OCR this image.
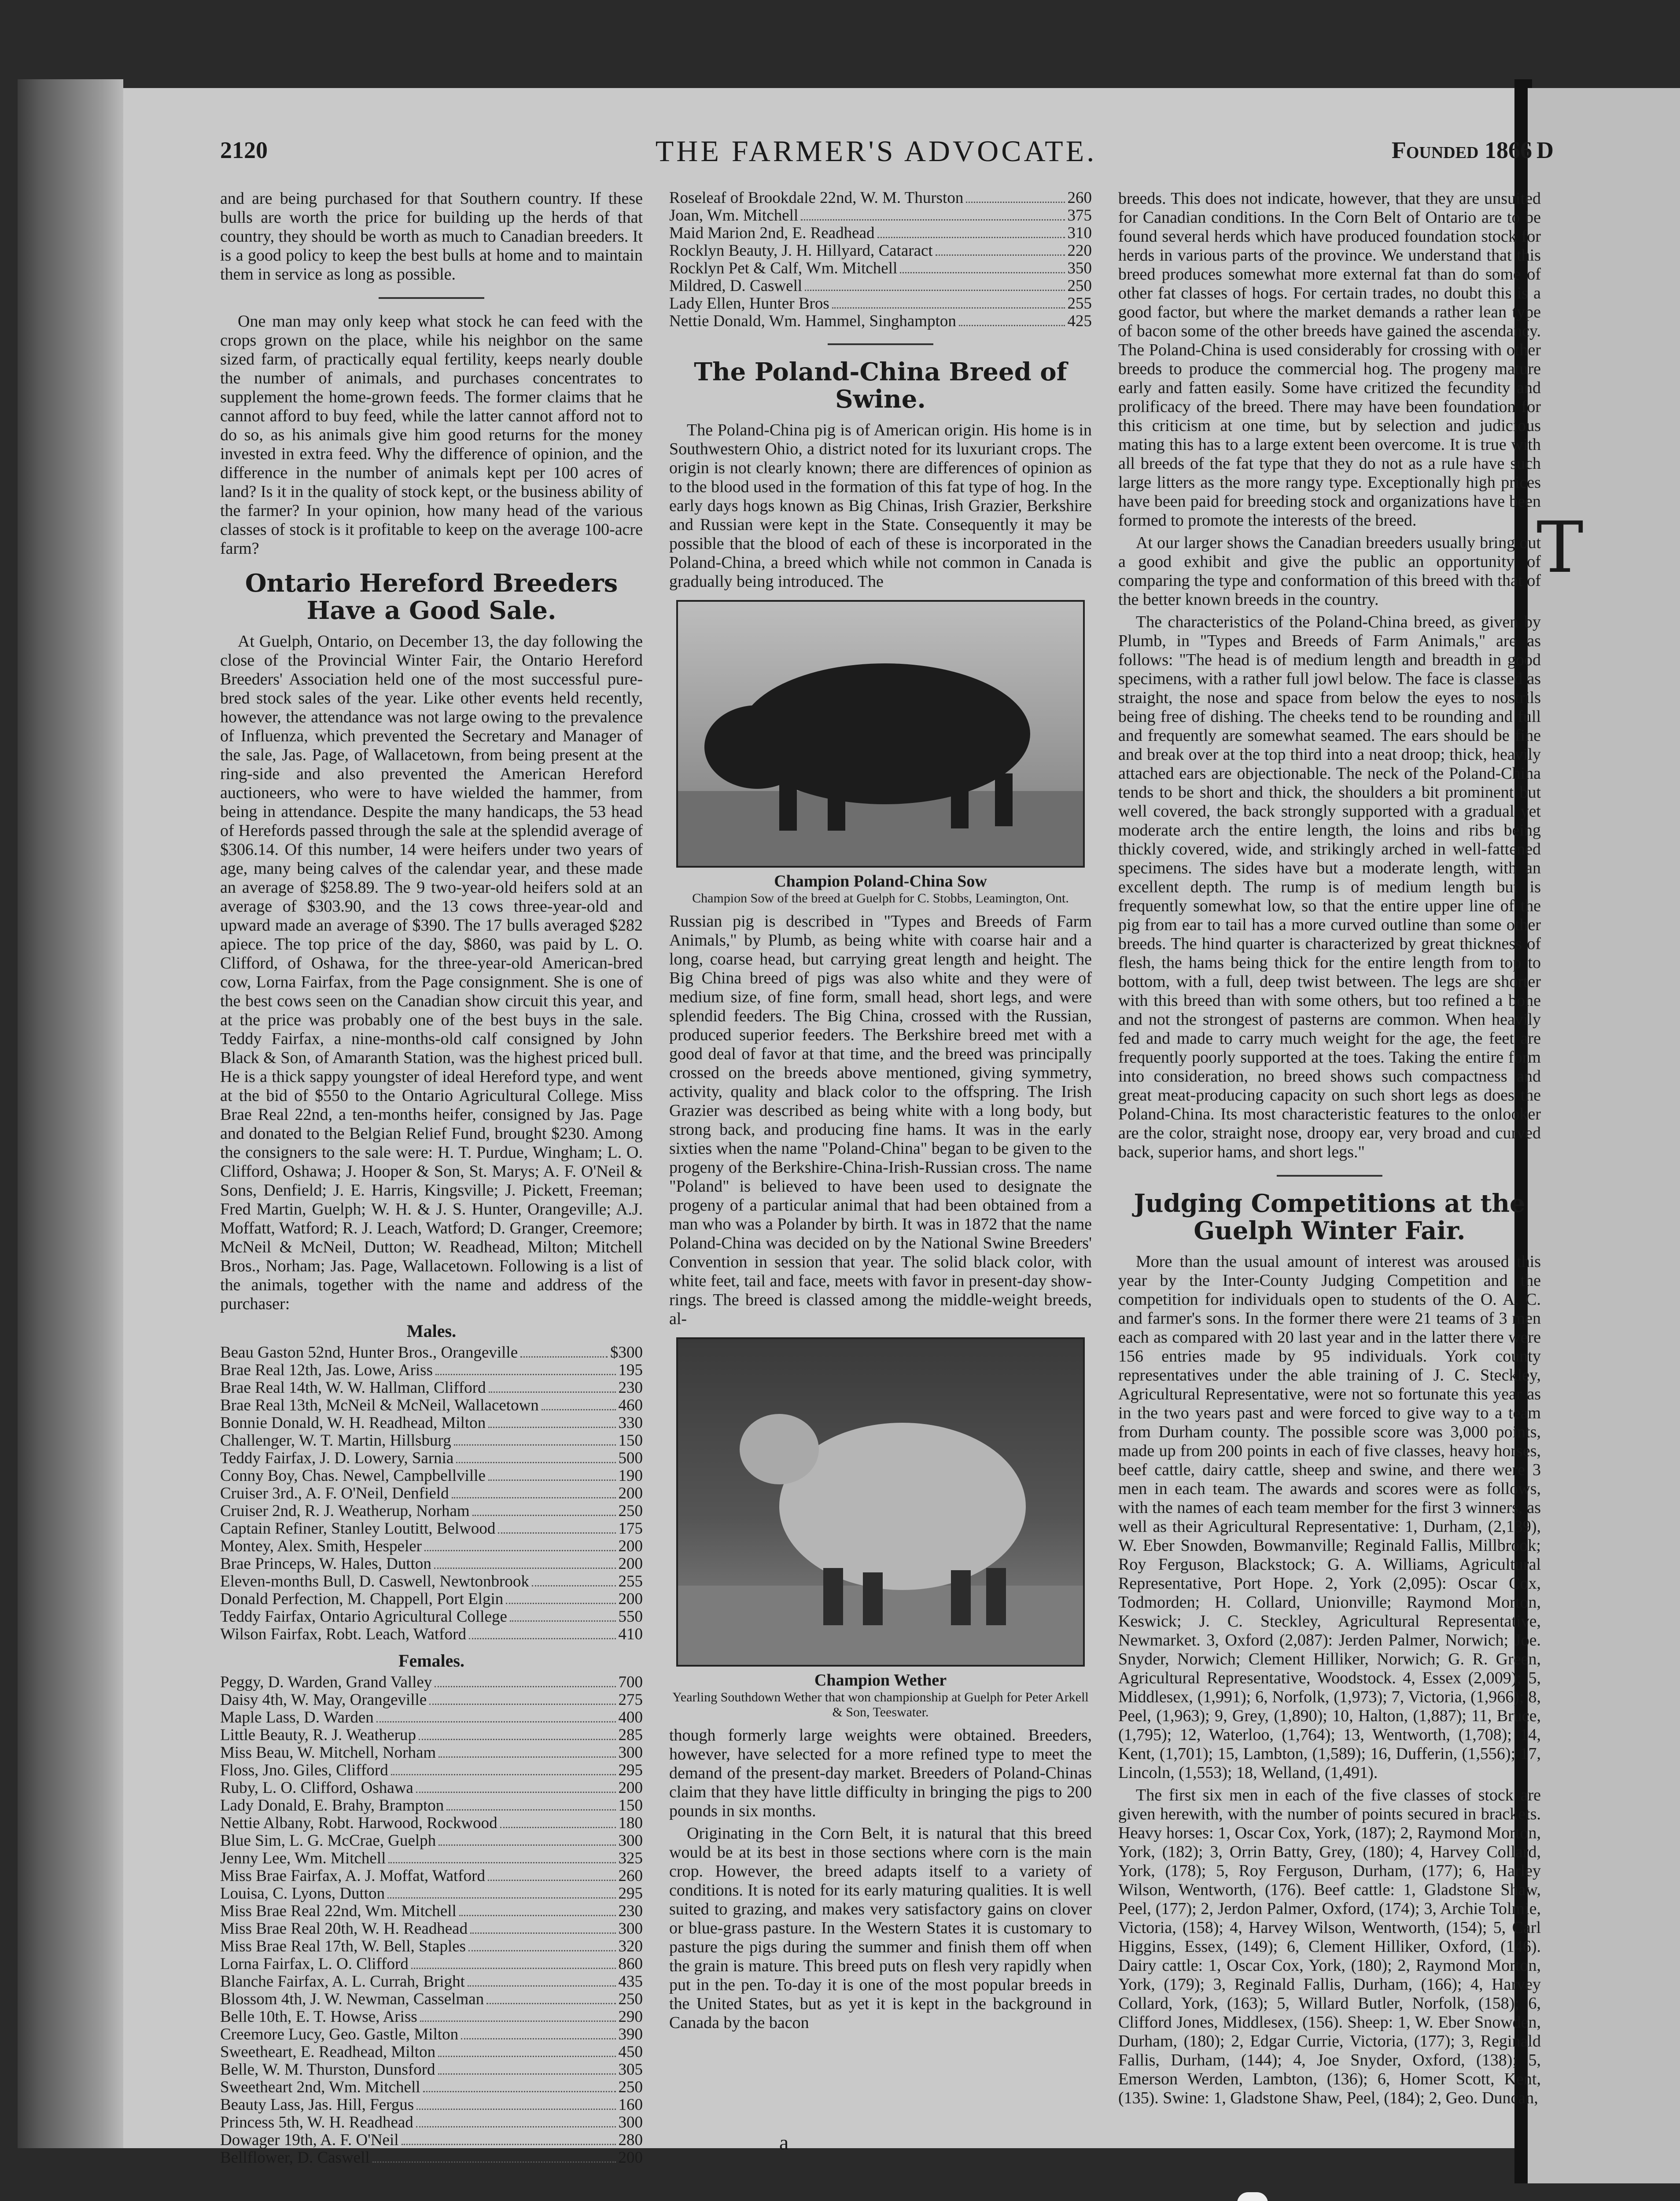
D
T
2120	THE FARMER'S ADVOCATE.	Founded 1866

and are being purchased for that Southern country. If these bulls are worth the price for building up the herds of that country, they should be worth as much to Canadian breeders. It is a good policy to keep the best bulls at home and to maintain them in service as long as possible.

One man may only keep what stock he can feed with the crops grown on the place, while his neighbor on the same sized farm, of practically equal fertility, keeps nearly double the number of animals, and purchases concentrates to supplement the home-grown feeds. The former claims that he cannot afford to buy feed, while the latter cannot afford not to do so, as his animals give him good returns for the money invested in extra feed. Why the difference of opinion, and the difference in the number of animals kept per 100 acres of land? Is it in the quality of stock kept, or the business ability of the farmer? In your opinion, how many head of the various classes of stock is it profitable to keep on the average 100-acre farm?

Ontario Hereford Breeders Have a Good Sale.

At Guelph, Ontario, on December 13, the day following the close of the Provincial Winter Fair, the Ontario Hereford Breeders' Association held one of the most successful pure-bred stock sales of the year. Like other events held recently, however, the attendance was not large owing to the prevalence of Influenza, which prevented the Secretary and Manager of the sale, Jas. Page, of Wallacetown, from being present at the ring-side and also prevented the American Hereford auctioneers, who were to have wielded the hammer, from being in attendance. Despite the many handicaps, the 53 head of Herefords passed through the sale at the splendid average of $306.14. Of this number, 14 were heifers under two years of age, many being calves of the calendar year, and these made an average of $258.89. The 9 two-year-old heifers sold at an average of $303.90, and the 13 cows three-year-old and upward made an average of $390. The 17 bulls averaged $282 apiece. The top price of the day, $860, was paid by L. O. Clifford, of Oshawa, for the three-year-old American-bred cow, Lorna Fairfax, from the Page consignment. She is one of the best cows seen on the Canadian show circuit this year, and at the price was probably one of the best buys in the sale. Teddy Fairfax, a nine-months-old calf consigned by John Black & Son, of Amaranth Station, was the highest priced bull. He is a thick sappy youngster of ideal Hereford type, and went at the bid of $550 to the Ontario Agricultural College. Miss Brae Real 22nd, a ten-months heifer, consigned by Jas. Page and donated to the Belgian Relief Fund, brought $230. Among the consigners to the sale were: H. T. Purdue, Wingham; L. O. Clifford, Oshawa; J. Hooper & Son, St. Marys; A. F. O'Neil & Sons, Denfield; J. E. Harris, Kingsville; J. Pickett, Freeman; Fred Martin, Guelph; W. H. & J. S. Hunter, Orangeville; A.J. Moffatt, Watford; R. J. Leach, Watford; D. Granger, Creemore; McNeil & McNeil, Dutton; W. Readhead, Milton; Mitchell Bros., Norham; Jas. Page, Wallacetown. Following is a list of the animals, together with the name and address of the purchaser:

Males.
Beau Gaston 52nd, Hunter Bros., Orangeville	$300
Brae Real 12th, Jas. Lowe, Ariss	195
Brae Real 14th, W. W. Hallman, Clifford	230
Brae Real 13th, McNeil & McNeil, Wallacetown	460
Bonnie Donald, W. H. Readhead, Milton	330
Challenger, W. T. Martin, Hillsburg	150
Teddy Fairfax, J. D. Lowery, Sarnia	500
Conny Boy, Chas. Newel, Campbellville	190
Cruiser 3rd., A. F. O'Neil, Denfield	200
Cruiser 2nd, R. J. Weatherup, Norham	250
Captain Refiner, Stanley Loutitt, Belwood	175
Montey, Alex. Smith, Hespeler	200
Brae Princeps, W. Hales, Dutton	200
Eleven-months Bull, D. Caswell, Newtonbrook	255
Donald Perfection, M. Chappell, Port Elgin	200
Teddy Fairfax, Ontario Agricultural College	550
Wilson Fairfax, Robt. Leach, Watford	410
Females.
Peggy, D. Warden, Grand Valley	700
Daisy 4th, W. May, Orangeville	275
Maple Lass, D. Warden	400
Little Beauty, R. J. Weatherup	285
Miss Beau, W. Mitchell, Norham	300
Floss, Jno. Giles, Clifford	295
Ruby, L. O. Clifford, Oshawa	200
Lady Donald, E. Brahy, Brampton	150
Nettie Albany, Robt. Harwood, Rockwood	180
Blue Sim, L. G. McCrae, Guelph	300
Jenny Lee, Wm. Mitchell	325
Miss Brae Fairfax, A. J. Moffat, Watford	260
Louisa, C. Lyons, Dutton	295
Miss Brae Real 22nd, Wm. Mitchell	230
Miss Brae Real 20th, W. H. Readhead	300
Miss Brae Real 17th, W. Bell, Staples	320
Lorna Fairfax, L. O. Clifford	860
Blanche Fairfax, A. L. Currah, Bright	435
Blossom 4th, J. W. Newman, Casselman	250
Belle 10th, E. T. Howse, Ariss	290
Creemore Lucy, Geo. Gastle, Milton	390
Sweetheart, E. Readhead, Milton	450
Belle, W. M. Thurston, Dunsford	305
Sweetheart 2nd, Wm. Mitchell	250
Beauty Lass, Jas. Hill, Fergus	160
Princess 5th, W. H. Readhead	300
Dowager 19th, A. F. O'Neil	280
Bellflower, D. Caswell	200
Roseleaf of Brookdale 22nd, W. M. Thurston	260
Joan, Wm. Mitchell	375
Maid Marion 2nd, E. Readhead	310
Rocklyn Beauty, J. H. Hillyard, Cataract	220
Rocklyn Pet & Calf, Wm. Mitchell	350
Mildred, D. Caswell	250
Lady Ellen, Hunter Bros	255
Nettie Donald, Wm. Hammel, Singhampton	425
The Poland-China Breed of Swine.

The Poland-China pig is of American origin. His home is in Southwestern Ohio, a district noted for its luxuriant crops. The origin is not clearly known; there are differences of opinion as to the blood used in the formation of this fat type of hog. In the early days hogs known as Big Chinas, Irish Grazier, Berkshire and Russian were kept in the State. Consequently it may be possible that the blood of each of these is incorporated in the Poland-China, a breed which while not common in Canada is gradually being introduced. The

Champion Poland-China Sow
Champion Sow of the breed at Guelph for C. Stobbs, Leamington, Ont.

Russian pig is described in "Types and Breeds of Farm Animals," by Plumb, as being white with coarse hair and a long, coarse head, but carrying great length and height. The Big China breed of pigs was also white and they were of medium size, of fine form, small head, short legs, and were splendid feeders. The Big China, crossed with the Russian, produced superior feeders. The Berkshire breed met with a good deal of favor at that time, and the breed was principally crossed on the breeds above mentioned, giving symmetry, activity, quality and black color to the offspring. The Irish Grazier was described as being white with a long body, but strong back, and producing fine hams. It was in the early sixties when the name "Poland-China" began to be given to the progeny of the Berkshire-China-Irish-Russian cross. The name "Poland" is believed to have been used to designate the progeny of a particular animal that had been obtained from a man who was a Polander by birth. It was in 1872 that the name Poland-China was decided on by the National Swine Breeders' Convention in session that year. The solid black color, with white feet, tail and face, meets with favor in present-day show-rings. The breed is classed among the middle-weight breeds, al-

Champion Wether
Yearling Southdown Wether that won championship at Guelph for Peter Arkell & Son, Teeswater.

though formerly large weights were obtained. Breeders, however, have selected for a more refined type to meet the demand of the present-day market. Breeders of Poland-Chinas claim that they have little difficulty in bringing the pigs to 200 pounds in six months.

Originating in the Corn Belt, it is natural that this breed would be at its best in those sections where corn is the main crop. However, the breed adapts itself to a variety of conditions. It is noted for its early maturing qualities. It is well suited to grazing, and makes very satisfactory gains on clover or blue-grass pasture. In the Western States it is customary to pasture the pigs during the summer and finish them off when the grain is mature. This breed puts on flesh very rapidly when put in the pen. To-day it is one of the most popular breeds in the United States, but as yet it is kept in the background in Canada by the bacon

breeds. This does not indicate, however, that they are unsuited for Canadian conditions. In the Corn Belt of Ontario are to be found several herds which have produced foundation stock for herds in various parts of the province. We understand that this breed produces somewhat more external fat than do some of other fat classes of hogs. For certain trades, no doubt this is a good factor, but where the market demands a rather lean type of bacon some of the other breeds have gained the ascendancy. The Poland-China is used considerably for crossing with other breeds to produce the commercial hog. The progeny mature early and fatten easily. Some have critized the fecundity and prolificacy of the breed. There may have been foundation for this criticism at one time, but by selection and judicious mating this has to a large extent been overcome. It is true with all breeds of the fat type that they do not as a rule have such large litters as the more rangy type. Exceptionally high prices have been paid for breeding stock and organizations have been formed to promote the interests of the breed.

At our larger shows the Canadian breeders usually bring out a good exhibit and give the public an opportunity of comparing the type and conformation of this breed with that of the better known breeds in the country.

The characteristics of the Poland-China breed, as given by Plumb, in "Types and Breeds of Farm Animals," are as follows: "The head is of medium length and breadth in good specimens, with a rather full jowl below. The face is classed as straight, the nose and space from below the eyes to nostrils being free of dishing. The cheeks tend to be rounding and full and frequently are somewhat seamed. The ears should be fine and break over at the top third into a neat droop; thick, heavily attached ears are objectionable. The neck of the Poland-China tends to be short and thick, the shoulders a bit prominent but well covered, the back strongly supported with a gradual yet moderate arch the entire length, the loins and ribs being thickly covered, wide, and strikingly arched in well-fattened specimens. The sides have but a moderate length, with an excellent depth. The rump is of medium length but is frequently somewhat low, so that the entire upper line of the pig from ear to tail has a more curved outline than some other breeds. The hind quarter is characterized by great thickness of flesh, the hams being thick for the entire length from top to bottom, with a full, deep twist between. The legs are shorter with this breed than with some others, but too refined a bone and not the strongest of pasterns are common. When heavily fed and made to carry much weight for the age, the feet are frequently poorly supported at the toes. Taking the entire form into consideration, no breed shows such compactness and great meat-producing capacity on such short legs as does the Poland-China. Its most characteristic features to the onlooker are the color, straight nose, droopy ear, very broad and curved back, superior hams, and short legs."

Judging Competitions at the Guelph Winter Fair.

More than the usual amount of interest was aroused this year by the Inter-County Judging Competition and the competition for individuals open to students of the O. A. C. and farmer's sons. In the former there were 21 teams of 3 men each as compared with 20 last year and in the latter there were 156 entries made by 95 individuals. York county representatives under the able training of J. C. Steckley, Agricultural Representative, were not so fortunate this year as in the two years past and were forced to give way to a team from Durham county. The possible score was 3,000 points, made up from 200 points in each of five classes, heavy horses, beef cattle, dairy cattle, sheep and swine, and there were 3 men in each team. The awards and scores were as follows, with the names of each team member for the first 3 winners, as well as their Agricultural Representative: 1, Durham, (2,139), W. Eber Snowden, Bowmanville; Reginald Fallis, Millbrook; Roy Ferguson, Blackstock; G. A. Williams, Agricultural Representative, Port Hope. 2, York (2,095): Oscar Cox, Todmorden; H. Collard, Unionville; Raymond Morton, Keswick; J. C. Steckley, Agricultural Representative, Newmarket. 3, Oxford (2,087): Jerden Palmer, Norwich; Joe. Snyder, Norwich; Clement Hilliker, Norwich; G. R. Green, Agricultural Representative, Woodstock. 4, Essex (2,009); 5, Middlesex, (1,991); 6, Norfolk, (1,973); 7, Victoria, (1,966); 8, Peel, (1,963); 9, Grey, (1,890); 10, Halton, (1,887); 11, Bruce, (1,795); 12, Waterloo, (1,764); 13, Wentworth, (1,708); 14, Kent, (1,701); 15, Lambton, (1,589); 16, Dufferin, (1,556); 17, Lincoln, (1,553); 18, Welland, (1,491).

The first six men in each of the five classes of stock are given herewith, with the number of points secured in brackets. Heavy horses: 1, Oscar Cox, York, (187); 2, Raymond Morton, York, (182); 3, Orrin Batty, Grey, (180); 4, Harvey Collard, York, (178); 5, Roy Ferguson, Durham, (177); 6, Harley Wilson, Wentworth, (176). Beef cattle: 1, Gladstone Shaw, Peel, (177); 2, Jerdon Palmer, Oxford, (174); 3, Archie Tolmie, Victoria, (158); 4, Harvey Wilson, Wentworth, (154); 5, Carl Higgins, Essex, (149); 6, Clement Hilliker, Oxford, (146). Dairy cattle: 1, Oscar Cox, York, (180); 2, Raymond Morton, York, (179); 3, Reginald Fallis, Durham, (166); 4, Harvey Collard, York, (163); 5, Willard Butler, Norfolk, (158); 6, Clifford Jones, Middlesex, (156). Sheep: 1, W. Eber Snowden, Durham, (180); 2, Edgar Currie, Victoria, (177); 3, Reginald Fallis, Durham, (144); 4, Joe Snyder, Oxford, (138); 5, Emerson Werden, Lambton, (136); 6, Homer Scott, Kent, (135). Swine: 1, Gladstone Shaw, Peel, (184); 2, Geo. Duncan,

a
